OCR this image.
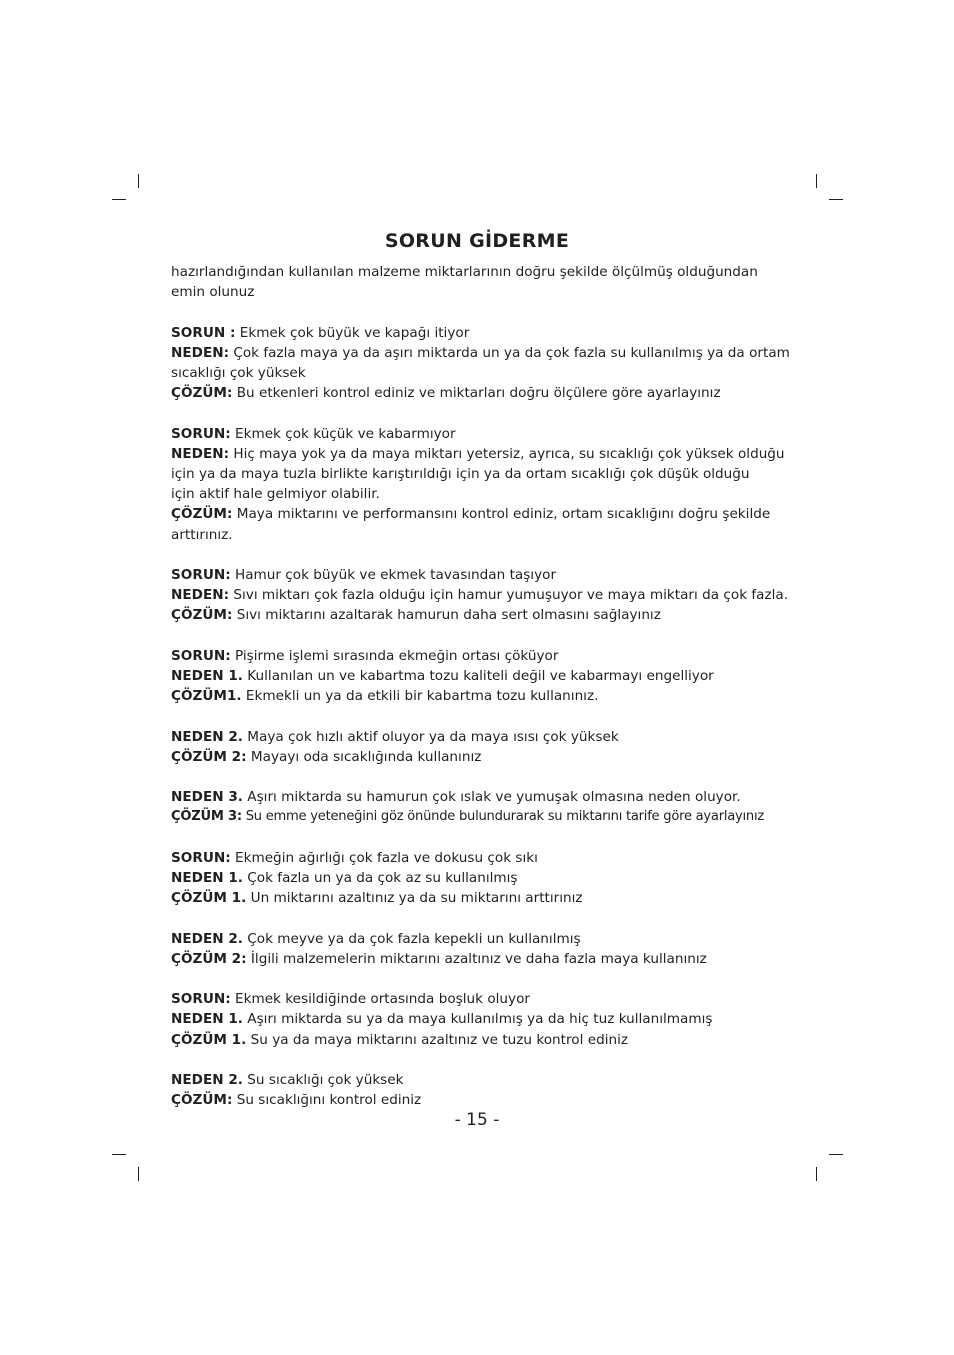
SORUN GİDERME

hazırlandığından kullanılan malzeme miktarlarının doğru şekilde ölçülmüş olduğundan
emin olunuz

SORUN : Ekmek çok büyük ve kapağı itiyor
NEDEN: Çok fazla maya ya da aşırı miktarda un ya da çok fazla su kullanılmış ya da ortam
sıcaklığı çok yüksek
ÇÖZÜM: Bu etkenleri kontrol ediniz ve miktarları doğru ölçülere göre ayarlayınız

SORUN: Ekmek çok küçük ve kabarmıyor
NEDEN: Hiç maya yok ya da maya miktarı yetersiz, ayrıca, su sıcaklığı çok yüksek olduğu
için ya da maya tuzla birlikte karıştırıldığı için ya da ortam sıcaklığı çok düşük olduğu
için aktif hale gelmiyor olabilir.
ÇÖZÜM: Maya miktarını ve performansını kontrol ediniz, ortam sıcaklığını doğru şekilde
arttırınız.

SORUN: Hamur çok büyük ve ekmek tavasından taşıyor
NEDEN: Sıvı miktarı çok fazla olduğu için hamur yumuşuyor ve maya miktarı da çok fazla.
ÇÖZÜM: Sıvı miktarını azaltarak hamurun daha sert olmasını sağlayınız

SORUN: Pişirme işlemi sırasında ekmeğin ortası çöküyor
NEDEN 1. Kullanılan un ve kabartma tozu kaliteli değil ve kabarmayı engelliyor
ÇÖZÜM1. Ekmekli un ya da etkili bir kabartma tozu kullanınız.

NEDEN 2. Maya çok hızlı aktif oluyor ya da maya ısısı çok yüksek
ÇÖZÜM 2: Mayayı oda sıcaklığında kullanınız

NEDEN 3. Aşırı miktarda su hamurun çok ıslak ve yumuşak olmasına neden oluyor.
ÇÖZÜM 3: Su emme yeteneğini göz önünde bulundurarak su miktarını tarife göre ayarlayınız

SORUN: Ekmeğin ağırlığı çok fazla ve dokusu çok sıkı
NEDEN 1. Çok fazla un ya da çok az su kullanılmış
ÇÖZÜM 1. Un miktarını azaltınız ya da su miktarını arttırınız

NEDEN 2. Çok meyve ya da çok fazla kepekli un kullanılmış
ÇÖZÜM 2: İlgili malzemelerin miktarını azaltınız ve daha fazla maya kullanınız

SORUN: Ekmek kesildiğinde ortasında boşluk oluyor
NEDEN 1. Aşırı miktarda su ya da maya kullanılmış ya da hiç tuz kullanılmamış
ÇÖZÜM 1. Su ya da maya miktarını azaltınız ve tuzu kontrol ediniz

NEDEN 2. Su sıcaklığı çok yüksek
ÇÖZÜM: Su sıcaklığını kontrol ediniz

- 15 -
